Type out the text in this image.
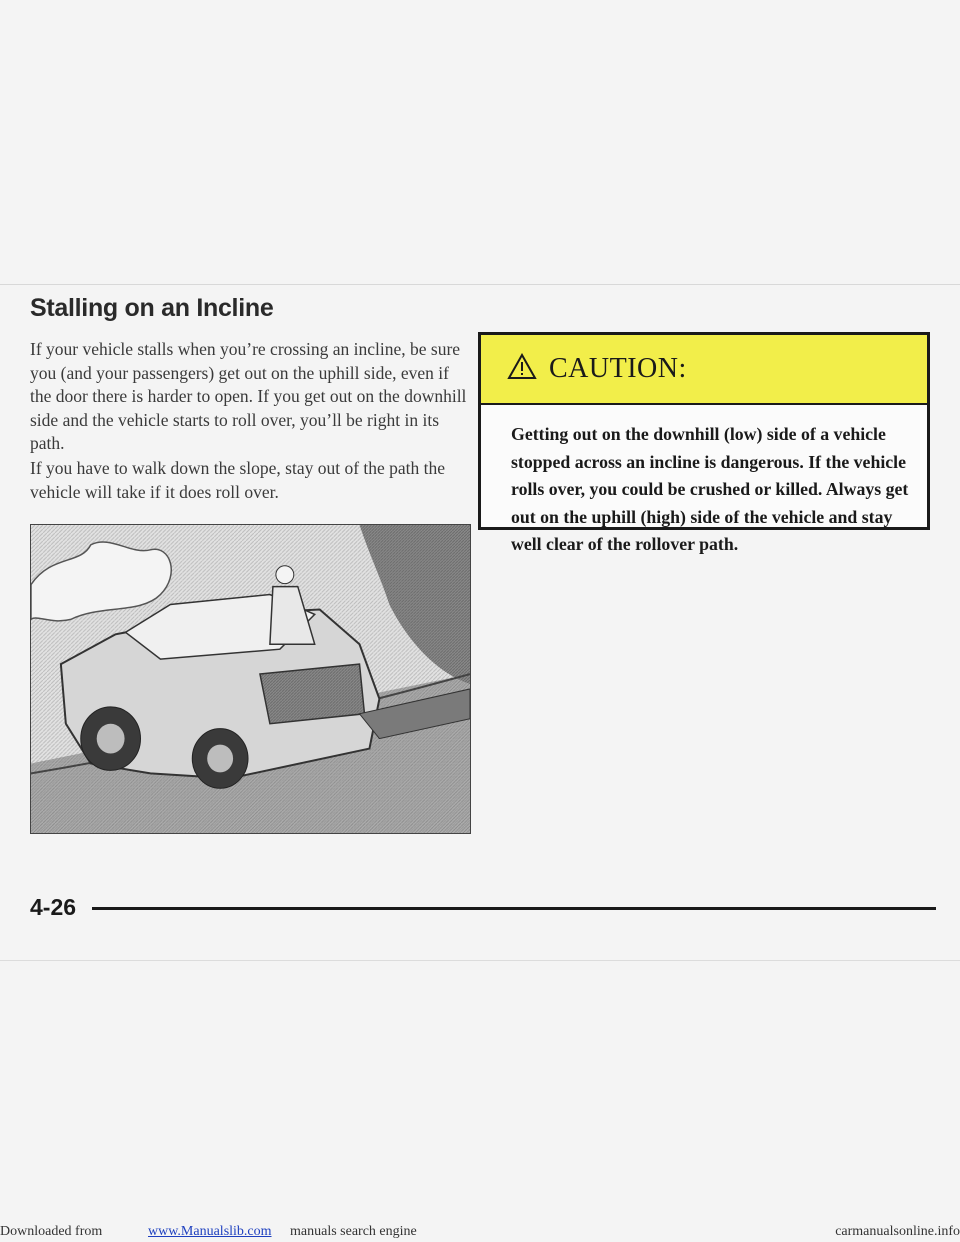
Stalling on an Incline

If your vehicle stalls when you’re crossing an incline, be sure you (and your passengers) get out on the uphill side, even if the door there is harder to open. If you get out on the downhill side and the vehicle starts to roll over, you’ll be right in its path.

If you have to walk down the slope, stay out of the path the vehicle will take if it does roll over.

CAUTION:

Getting out on the downhill (low) side of a vehicle stopped across an incline is dangerous. If the vehicle rolls over, you could be crushed or killed. Always get out on the uphill (high) side of the vehicle and stay well clear of the rollover path.

4-26

Downloaded from	www.Manualslib.com manuals search engine	carmanualsonline.info
